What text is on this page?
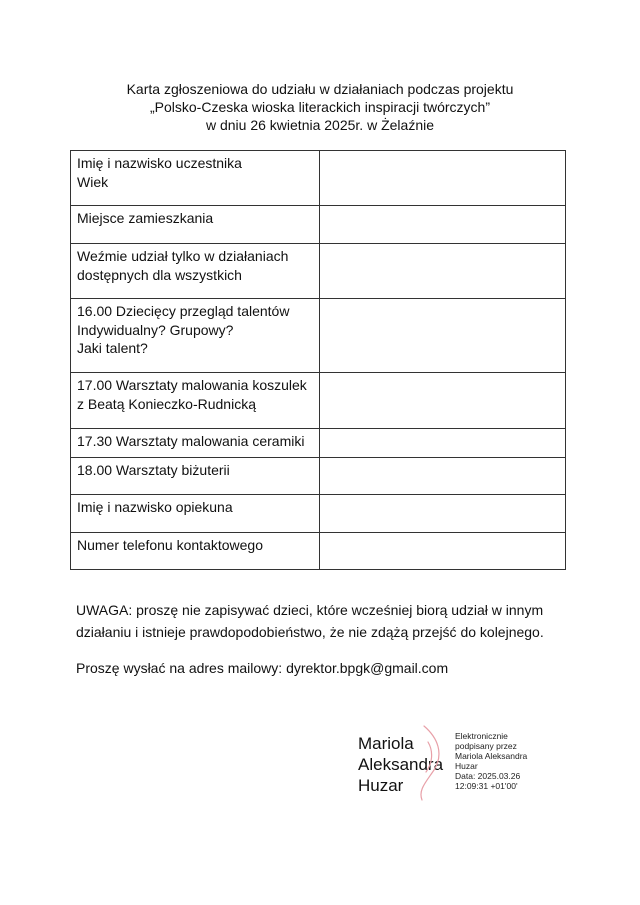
Karta zgłoszeniowa do udziału w działaniach podczas projektu
„Polsko-Czeska wioska literackich inspiracji twórczych”
w dniu 26 kwietnia 2025r. w Żelaźnie
Imię i nazwisko uczestnika
Wiek	

Miejsce zamieszkania	

Weźmie udział tylko w działaniach
dostępnych dla wszystkich	

16.00 Dziecięcy przegląd talentów
Indywidualny? Grupowy?
Jaki talent?	

17.00 Warsztaty malowania koszulek
z Beatą Konieczko-Rudnicką	

17.30 Warsztaty malowania ceramiki	

18.00 Warsztaty biżuterii	

Imię i nazwisko opiekuna	

Numer telefonu kontaktowego	

UWAGA: proszę nie zapisywać dzieci, które wcześniej biorą udział w innym
działaniu i istnieje prawdopodobieństwo, że nie zdążą przejść do kolejnego.
Proszę wysłać na adres mailowy: dyrektor.bpgk@gmail.com
Mariola
Aleksandra
Huzar
Elektronicznie
podpisany przez
Mariola Aleksandra
Huzar
Data: 2025.03.26
12:09:31 +01'00'
